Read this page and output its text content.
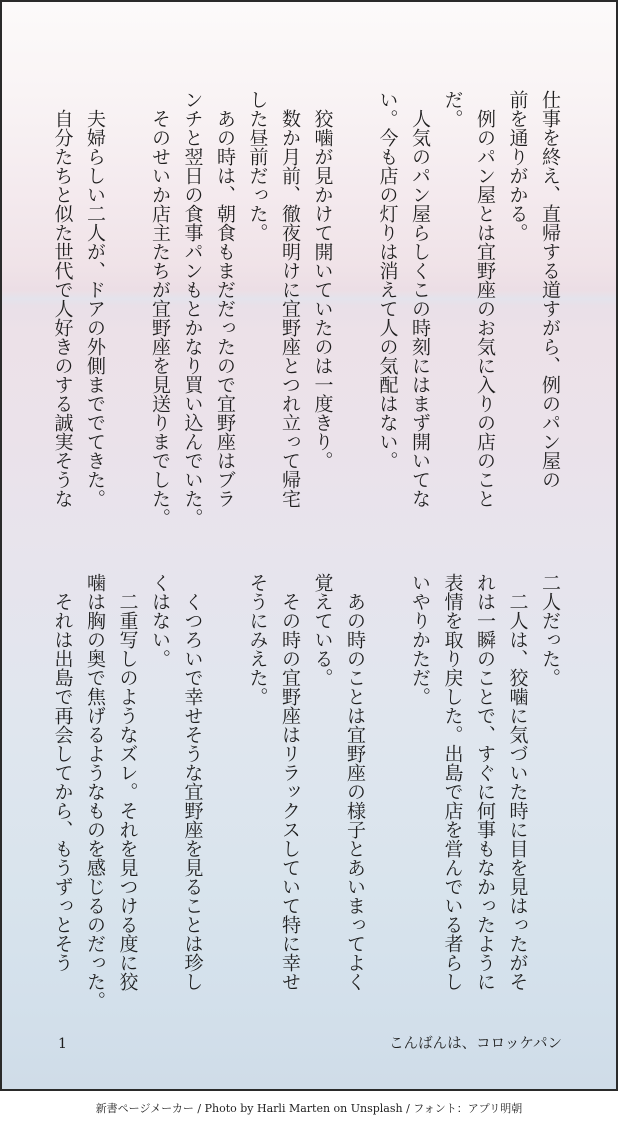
仕事を終え、直帰する道すがら、例のパン屋の

前を通りがかる。

　例のパン屋とは宜野座のお気に入りの店のこと

だ。

　人気のパン屋らしくこの時刻にはまず開いてな

い。今も店の灯りは消えて人の気配はない。

　狡噛が見かけて開いていたのは一度きり。

　数か月前、徹夜明けに宜野座とつれ立って帰宅

した昼前だった。

　あの時は、朝食もまだだったので宜野座はブラ

ンチと翌日の食事パンもとかなり買い込んでいた。

　そのせいか店主たちが宜野座を見送りまでした。

　夫婦らしい二人が、ドアの外側まででてきた。

　自分たちと似た世代で人好きのする誠実そうな

二人だった。

　二人は、狡噛に気づいた時に目を見はったがそ

れは一瞬のことで、すぐに何事もなかったように

表情を取り戻した。出島で店を営んでいる者らし

いやりかただ。

　あの時のことは宜野座の様子とあいまってよく

覚えている。

　その時の宜野座はリラックスしていて特に幸せ

そうにみえた。

　くつろいで幸せそうな宜野座を見ることは珍し

くはない。

　二重写しのようなズレ。それを見つける度に狡

噛は胸の奥で焦げるようなものを感じるのだった。

　それは出島で再会してから、もうずっとそう

1	こんばんは、コロッケパン
新書ページメーカー / Photo by Harli Marten on Unsplash / フォント：アプリ明朝
